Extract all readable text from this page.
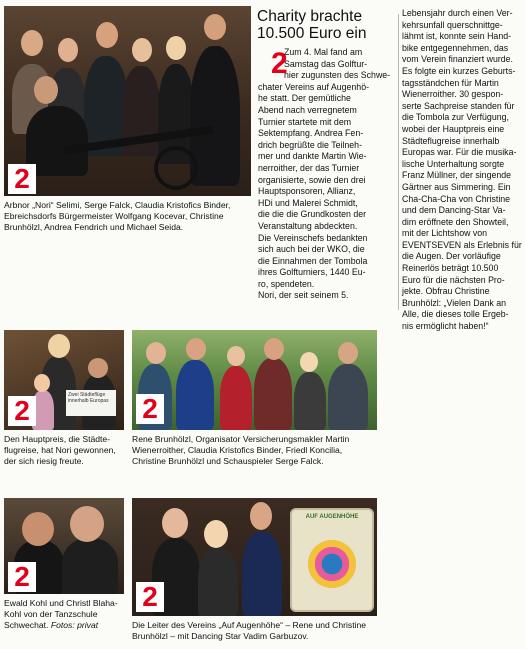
2
Arbnor „Nori“ Selimi, Serge Falck, Claudia Kristofics Binder, Ebreichsdorfs Bürgermeister Wolfgang Kocevar, Christine Brunhölzl, Andrea Fendrich und Michael Seida.
Charity brachte
10.500 Euro ein
2
Zum 4. Mal fand am
Samstag das Golftur-
nier zugunsten des Schwe-
chater Vereins auf Augenhö-
he statt. Der gemütliche
Abend nach verregnetem
Turnier startete mit dem
Sektempfang. Andrea Fen-
drich begrüßte die Teilneh-
mer und dankte Martin Wie-
nerroither, der das Turnier
organisierte, sowie den drei
Hauptsponsoren, Allianz,
HDi und Malerei Schmidt,
die die die Grundkosten der
Veranstaltung abdeckten.
Die Vereinschefs bedankten
sich auch bei der WKO, die
die Einnahmen der Tombola
ihres Golfturniers, 1440 Eu-
ro, spendeten.
Nori, der seit seinem 5.
Lebensjahr durch einen Ver-
kehrsunfall querschnittge-
lähmt ist, konnte sein Hand-
bike entgegennehmen, das
vom Verein finanziert wurde.
Es folgte ein kurzes Geburts-
tagsständchen für Martin
Wienerroither. 30 gespon-
serte Sachpreise standen für
die Tombola zur Verfügung,
wobei der Hauptpreis eine
Städteflugreise innerhalb
Europas war. Für die musika-
lische Unterhaltung sorgte
Franz Müllner, der singende
Gärtner aus Simmering. Ein
Cha-Cha-Cha von Christine
und dem Dancing-Star Va-
dim eröffnete den Showteil,
mit der Lichtshow von
EVENTSEVEN als Erlebnis für
die Augen. Der vorläufige
Reinerlös beträgt 10.500
Euro für die nächsten Pro-
jekte. Obfrau Christine
Brunhölzl: „Vielen Dank an
Alle, die dieses tolle Ergeb-
nis ermöglicht haben!“
Zwei Städteflüge innerhalb Europas
2
Den Hauptpreis, die Städte-flugreise, hat Nori gewonnen, der sich riesig freute.
2
Rene Brunhölzl, Organisator Versicherungsmakler Martin Wienerroither, Claudia Kristofics Binder, Friedl Koncilia, Christine Brunhölzl und Schauspieler Serge Falck.
2
Ewald Kohl und Christl Blaha-Kohl von der Tanzschule Schwechat. Fotos: privat
AUF AUGENHÖHE
2
Die Leiter des Vereins „Auf Augenhöhe“ – Rene und Christine Brunhölzl – mit Dancing Star Vadim Garbuzov.
